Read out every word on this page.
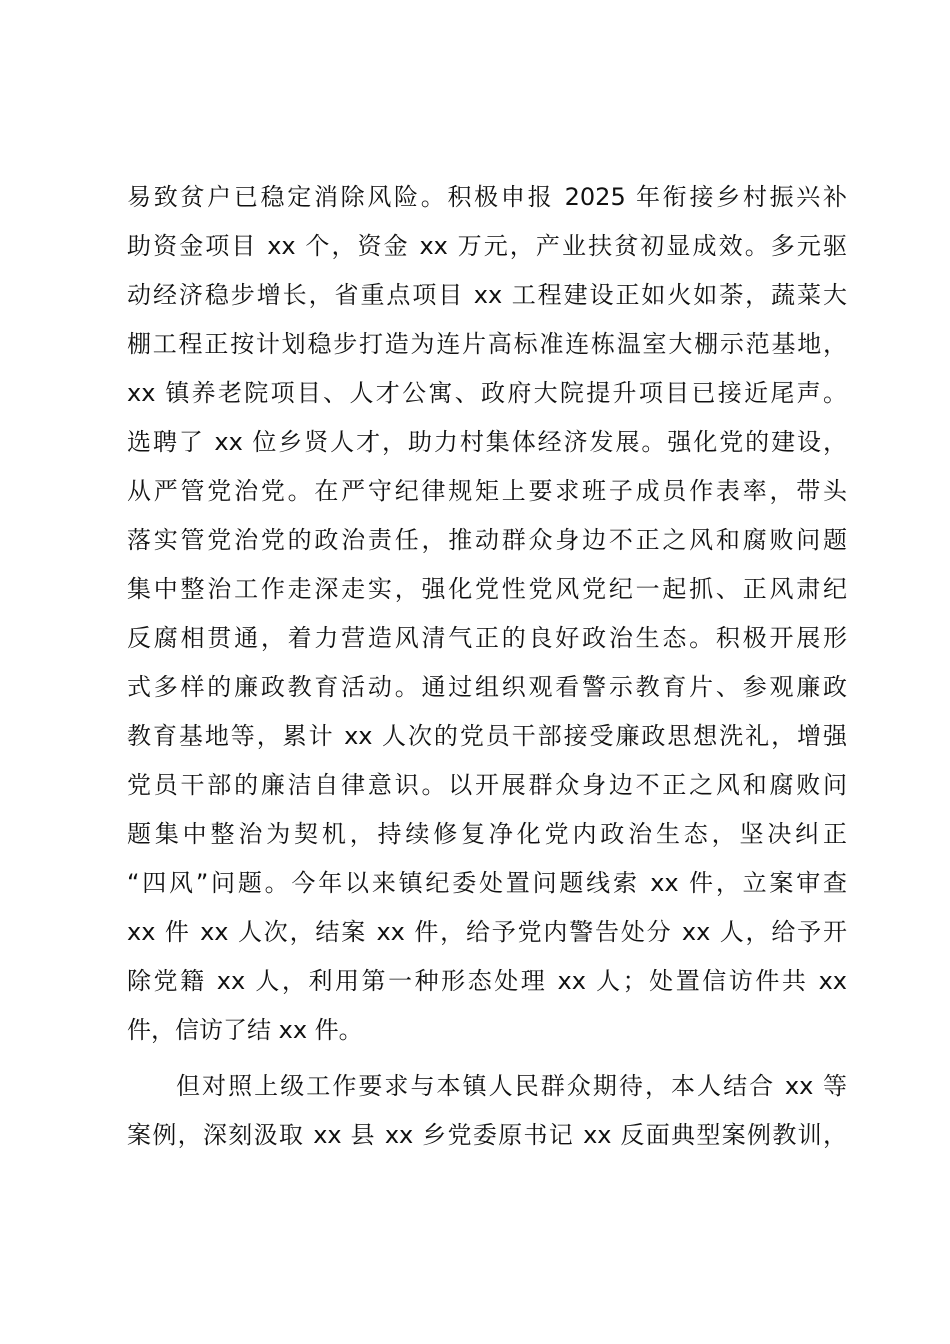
易致贫户已稳定消除风险。积极申报 2025 年衔接乡村振兴补
助资金项目 xx 个，资金 xx 万元，产业扶贫初显成效。多元驱
动经济稳步增长，省重点项目 xx 工程建设正如火如荼，蔬菜大
棚工程正按计划稳步打造为连片高标准连栋温室大棚示范基地，
xx 镇养老院项目、人才公寓、政府大院提升项目已接近尾声。
选聘了 xx 位乡贤人才，助力村集体经济发展。强化党的建设，
从严管党治党。在严守纪律规矩上要求班子成员作表率，带头
落实管党治党的政治责任，推动群众身边不正之风和腐败问题
集中整治工作走深走实，强化党性党风党纪一起抓、正风肃纪
反腐相贯通，着力营造风清气正的良好政治生态。积极开展形
式多样的廉政教育活动。通过组织观看警示教育片、参观廉政
教育基地等，累计 xx 人次的党员干部接受廉政思想洗礼，增强
党员干部的廉洁自律意识。以开展群众身边不正之风和腐败问
题集中整治为契机，持续修复净化党内政治生态，坚决纠正
“四风”问题。今年以来镇纪委处置问题线索 xx 件，立案审查
xx 件 xx 人次，结案 xx 件，给予党内警告处分 xx 人，给予开
除党籍 xx 人，利用第一种形态处理 xx 人；处置信访件共 xx
件，信访了结 xx 件。
但对照上级工作要求与本镇人民群众期待，本人结合 xx 等
案例，深刻汲取 xx 县 xx 乡党委原书记 xx 反面典型案例教训，
